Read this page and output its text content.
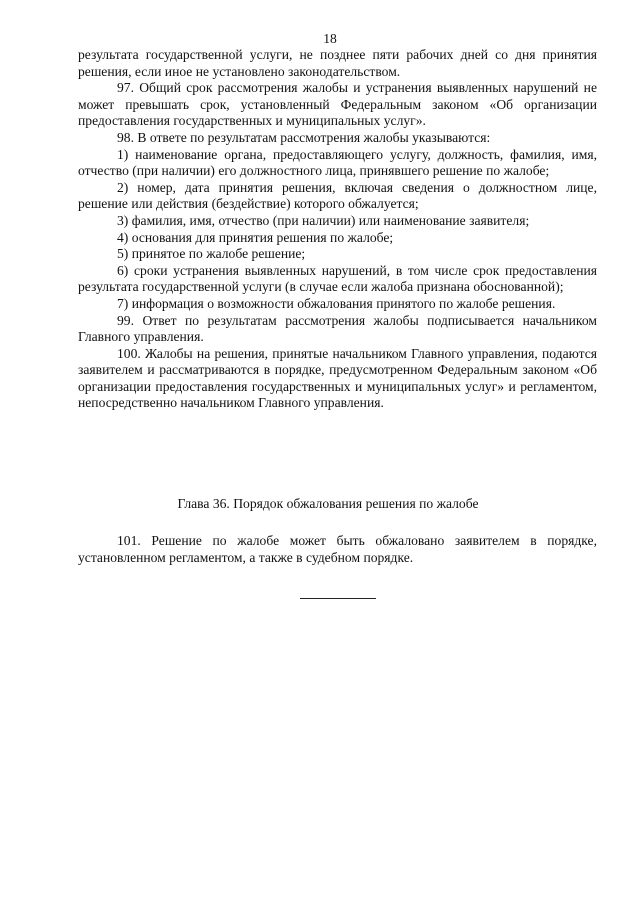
18

результата государственной услуги, не позднее пяти рабочих дней со дня принятия решения, если иное не установлено законодательством.

97. Общий срок рассмотрения жалобы и устранения выявленных нарушений не может превышать срок, установленный Федеральным законом «Об организации предоставления государственных и муниципальных услуг».

98. В ответе по результатам рассмотрения жалобы указываются:

1) наименование органа, предоставляющего услугу, должность, фамилия, имя, отчество (при наличии) его должностного лица, принявшего решение по жалобе;

2) номер, дата принятия решения, включая сведения о должностном лице, решение или действия (бездействие) которого обжалуется;

3) фамилия, имя, отчество (при наличии) или наименование заявителя;

4) основания для принятия решения по жалобе;

5) принятое по жалобе решение;

6) сроки устранения выявленных нарушений, в том числе срок предоставления результата государственной услуги (в случае если жалоба признана обоснованной);

7) информация о возможности обжалования принятого по жалобе решения.

99. Ответ по результатам рассмотрения жалобы подписывается начальником Главного управления.

100. Жалобы на решения, принятые начальником Главного управления, подаются заявителем и рассматриваются в порядке, предусмотренном Федеральным законом «Об организации предоставления государственных и муниципальных услуг» и регламентом, непосредственно начальником Главного управления.

Глава 36. Порядок обжалования решения по жалобе

101. Решение по жалобе может быть обжаловано заявителем в порядке, установленном регламентом, а также в судебном порядке.
